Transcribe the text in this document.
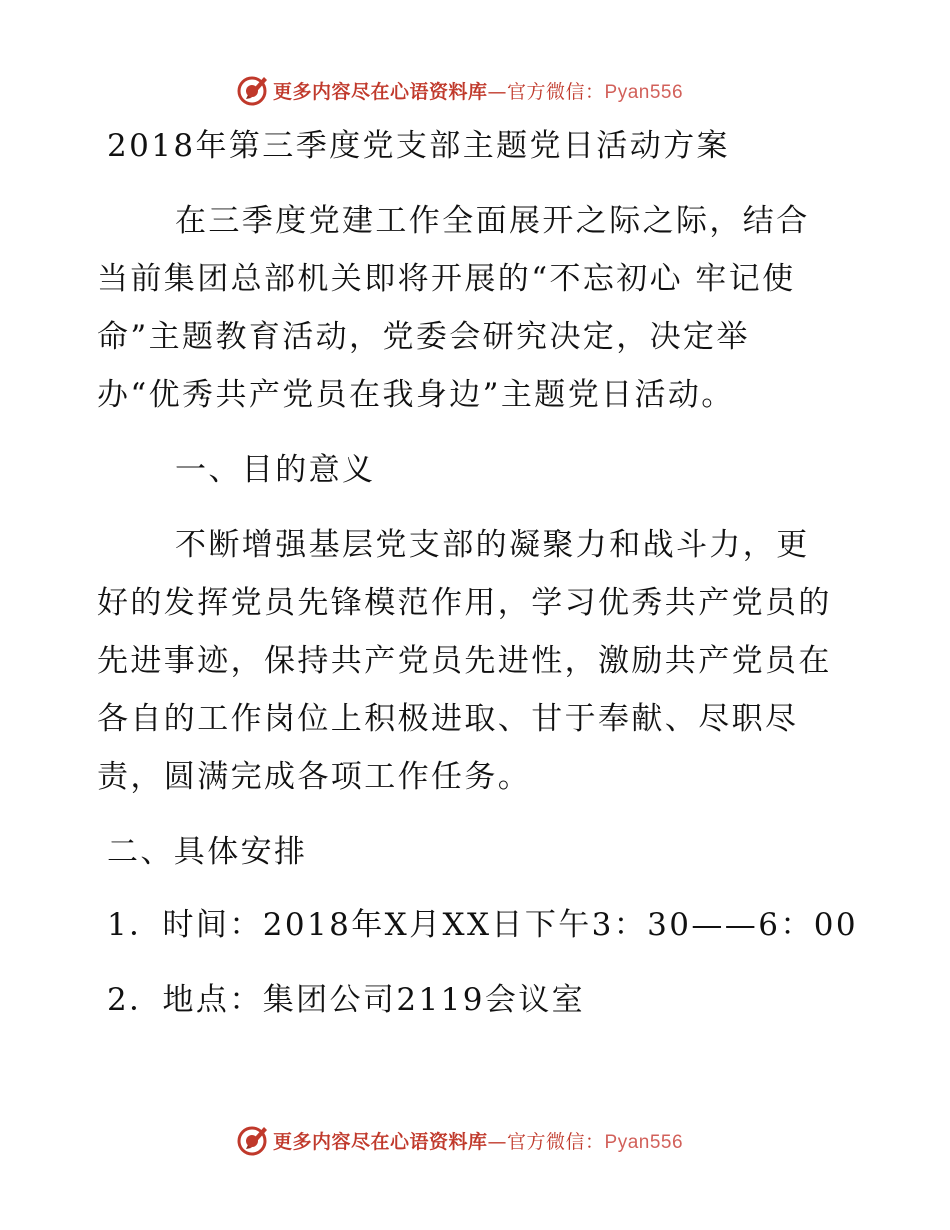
更多内容尽在心语资料库—官方微信：Pyan556
2018年第三季度党支部主题党日活动方案
在三季度党建工作全面展开之际之际，结合
当前集团总部机关即将开展的“不忘初心 牢记使
命”主题教育活动，党委会研究决定，决定举
办“优秀共产党员在我身边”主题党日活动。
一、目的意义
不断增强基层党支部的凝聚力和战斗力，更
好的发挥党员先锋模范作用，学习优秀共产党员的
先进事迹，保持共产党员先进性，激励共产党员在
各自的工作岗位上积极进取、甘于奉献、尽职尽
责，圆满完成各项工作任务。
二、具体安排
1．时间：2018年X月XX日下午3：30——6：00
2．地点：集团公司2119会议室
更多内容尽在心语资料库—官方微信：Pyan556
